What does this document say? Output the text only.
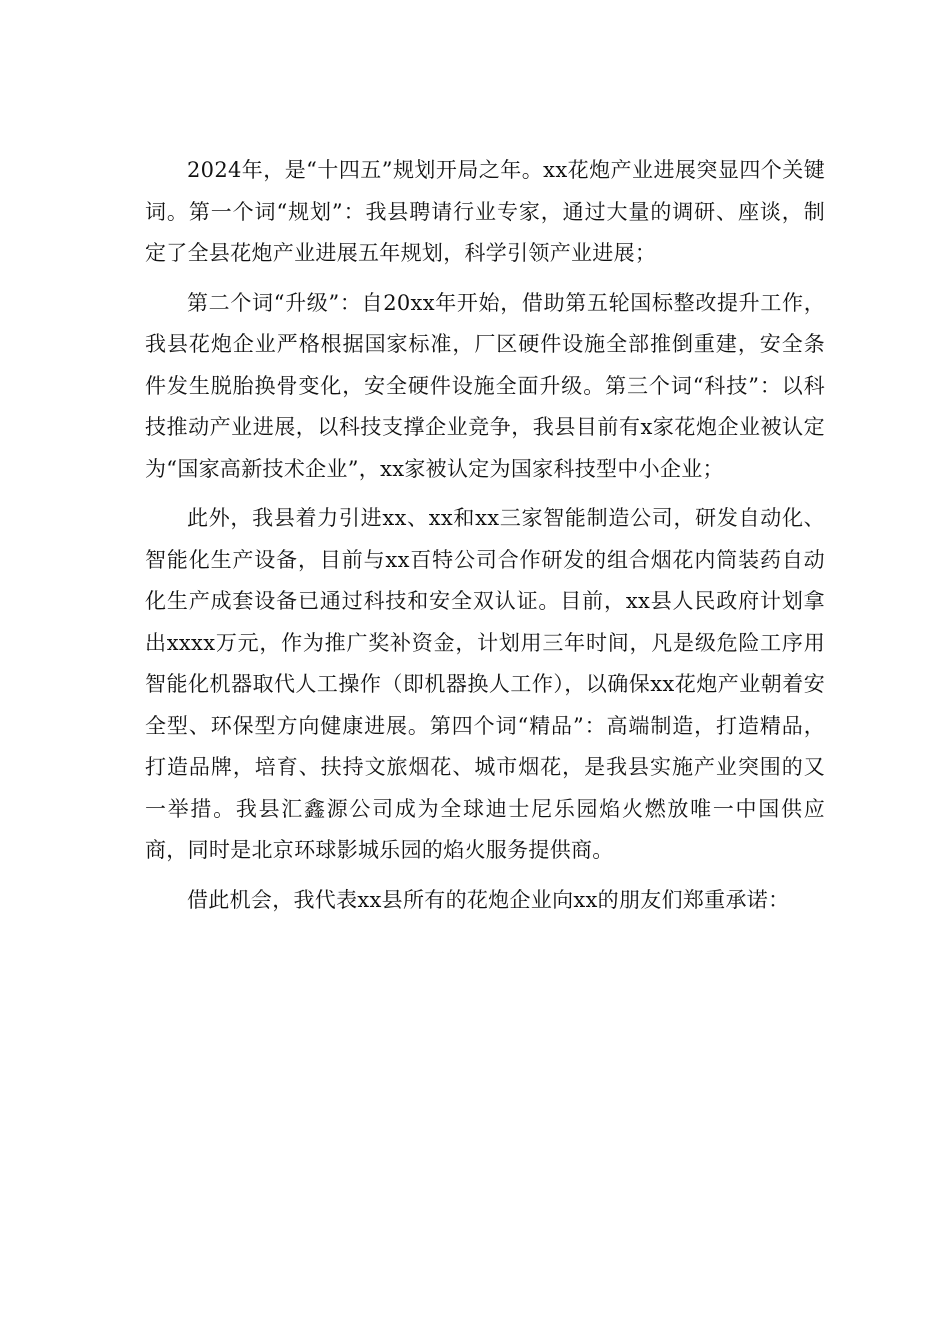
2024年，是“十四五”规划开局之年。xx花炮产业进展突显四个关键词。第一个词“规划”：我县聘请行业专家，通过大量的调研、座谈，制定了全县花炮产业进展五年规划，科学引领产业进展；

第二个词“升级”：自20xx年开始，借助第五轮国标整改提升工作，我县花炮企业严格根据国家标准，厂区硬件设施全部推倒重建，安全条件发生脱胎换骨变化，安全硬件设施全面升级。第三个词“科技”：以科技推动产业进展，以科技支撑企业竞争，我县目前有x家花炮企业被认定为“国家高新技术企业”，xx家被认定为国家科技型中小企业；

此外，我县着力引进xx、xx和xx三家智能制造公司，研发自动化、智能化生产设备，目前与xx百特公司合作研发的组合烟花内筒装药自动化生产成套设备已通过科技和安全双认证。目前，xx县人民政府计划拿出xxxx万元，作为推广奖补资金，计划用三年时间，凡是级危险工序用智能化机器取代人工操作（即机器换人工作），以确保xx花炮产业朝着安全型、环保型方向健康进展。第四个词“精品”：高端制造，打造精品，打造品牌，培育、扶持文旅烟花、城市烟花，是我县实施产业突围的又一举措。我县汇鑫源公司成为全球迪士尼乐园焰火燃放唯一中国供应商，同时是北京环球影城乐园的焰火服务提供商。

借此机会，我代表xx县所有的花炮企业向xx的朋友们郑重承诺：
